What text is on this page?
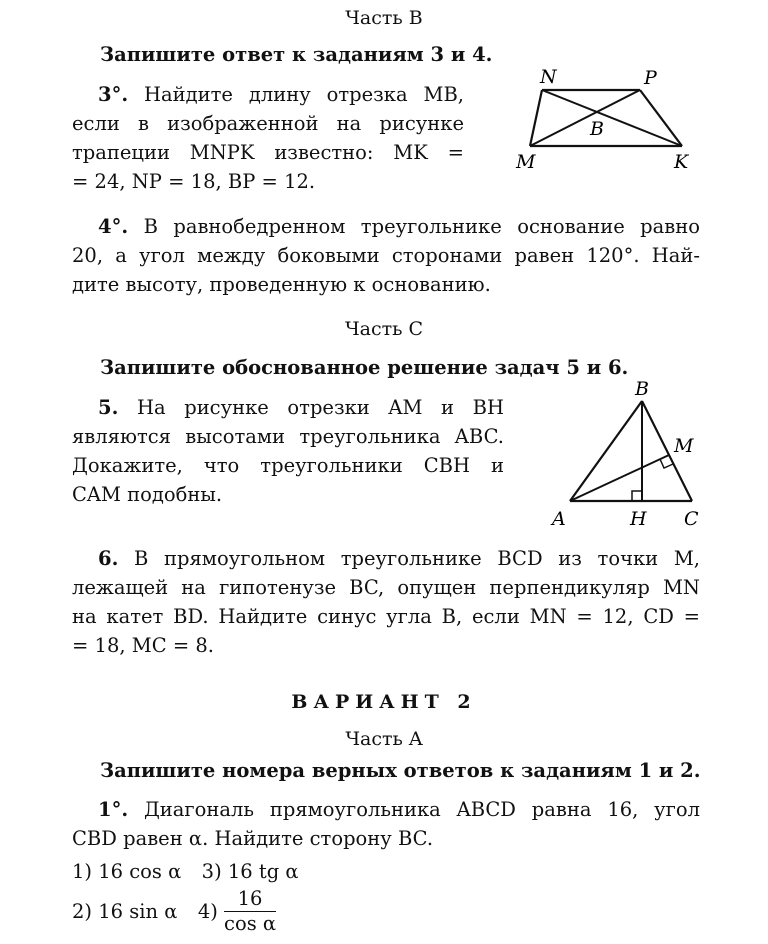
Часть B
Запишите ответ к заданиям 3 и 4.
3°. Найдите длину отрезка MB,
если в изображенной на рисунке
трапеции MNPK известно: MK =
= 24, NP = 18, BP = 12.
N	P
B
M	K
4°. В равнобедренном треугольнике основание равно
20, а угол между боковыми сторонами равен 120°. Най-
дите высоту, проведенную к основанию.
Часть C
Запишите обоснованное решение задач 5 и 6.
5. На рисунке отрезки AM и BH
являются высотами треугольника ABC.
Докажите, что треугольники CBH и
CAM подобны.
B
M
A	H C
6. В прямоугольном треугольнике BCD из точки M,
лежащей на гипотенузе BC, опущен перпендикуляр MN
на катет BD. Найдите синус угла B, если MN = 12, CD =
= 18, MC = 8.
ВАРИАНТ 2
Часть A
Запишите номера верных ответов к заданиям 1 и 2.
1°. Диагональ прямоугольника ABCD равна 16, угол
CBD равен α. Найдите сторону BC.
1) 16 cos α 3) 16 tg α
2) 16 sin α $4) \frac{16}{\text{cos α}}$
